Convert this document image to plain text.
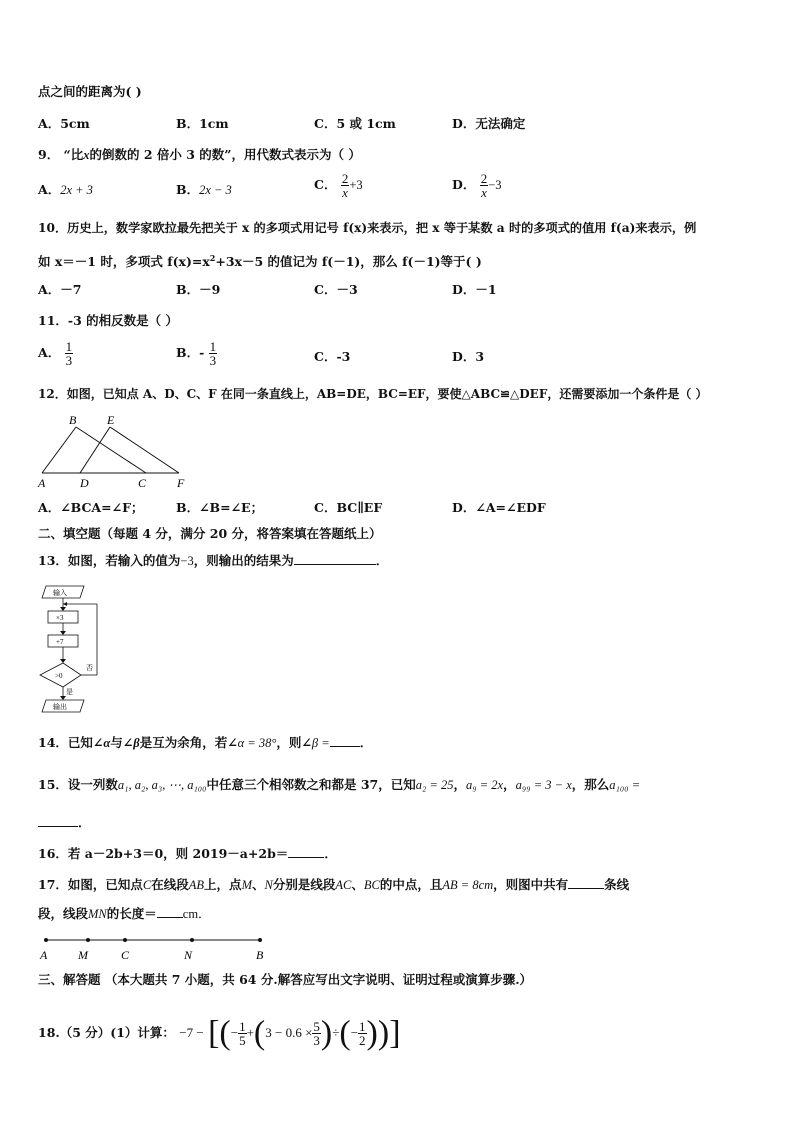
点之间的距离为( )
A．5cm	B．1cm	C．5 或 1cm	D．无法确定
9． “比x的倒数的 2 倍小 3 的数”，用代数式表示为（ ）
A．2x + 3	B．2x − 3	C． $\frac{2}{x} +3$	D． $\frac{2}{x} -3$
10．历史上，数学家欧拉最先把关于 x 的多项式用记号 f(x)来表示，把 x 等于某数 a 时的多项式的值用 f(a)来表示，例
如 x＝－1 时，多项式 $f(x)=x^2+3x-5$ 的值记为 f(－1)，那么 f(－1)等于( )
A．－7	B．－9	C．－3	D．－1
11．-3 的相反数是（ ）
A． $\frac{1}{3}$	B．- $\frac{1}{3}$	C．-3	D．3
12．如图，已知点 A、D、C、F 在同一条直线上，AB=DE，BC=EF，要使△ABC≌△DEF，还需要添加一个条件是（ ）
B	E
A	D	C	F
A．∠BCA=∠F；	B．∠B=∠E；	C．BC∥EF	D．∠A=∠EDF
二、填空题（每题 4 分，满分 20 分，将答案填在答题纸上）
13．如图，若输入的值为−3，则输出的结果为	．
输入
×3
+7
>0
否
是
输出
14．已知∠α与∠β是互为余角，若∠α = 38°，则∠β = ．
15．设一列数a₁, a₂, a₃, ⋯, a₁₀₀中任意三个相邻数之和都是 37，已知a₂ = 25，a₉ = 2x，a₉₉ = 3 − x，那么a₁₀₀ =
．
16．若 a－2b+3＝0，则 2019－a+2b＝	．
17．如图，已知点C在线段AB上，点M、N分别是线段AC、BC的中点，且AB = 8cm，则图中共有	条线
段，线段MN的长度＝ cm．
A	M	C	N	B
三、解答题 （本大题共 7 小题，共 64 分.解答应写出文字说明、证明过程或演算步骤.）
18.（5 分）(1）计算： −7 − [(− $\frac{1}{5} +(3 - 0.6 \times \frac{5}{3}$ )÷(− $\frac{1}{2}$ ))]
